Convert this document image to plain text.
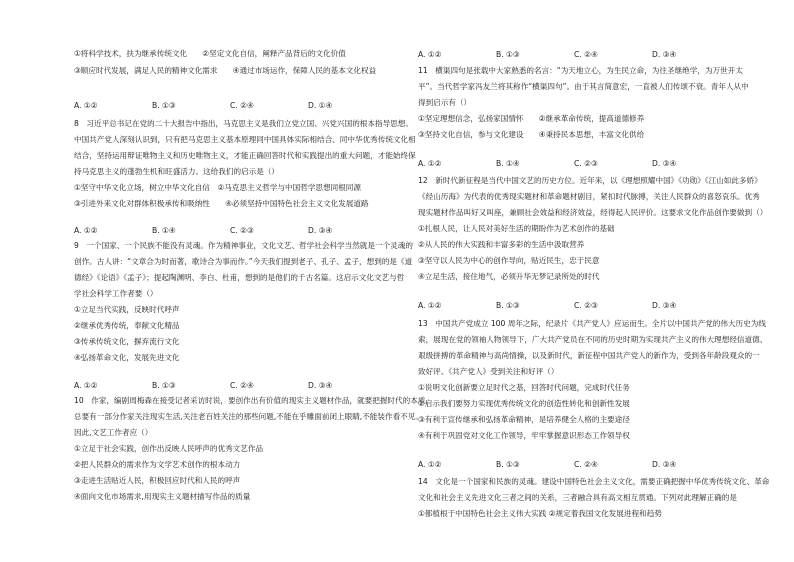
①将科学技术，扶为继承传统文化　　②坚定文化自信，阐释产品背后的文化价值
③顺应时代发展，满足人民的精神文化需求　　④通过市场运作，保障人民的基本文化权益
A. ①②	B. ①③	C. ②④	D. ①④
8　习近平总书记在党的二十大报告中指出，马克思主义是我们立党立国、兴党兴国的根本指导思想。
中国共产党人深刻认识到，只有把马克思主义基本原理同中国具体实际相结合、同中华优秀传统文化相
结合，坚持运用辩证唯物主义和历史唯物主义，才能正确回答时代和实践提出的重大问题，才能始终保
持马克思主义的蓬勃生机和旺盛活力。这给我们的启示是（）
①坚守中华文化立场，树立中华文化自信　②马克思主义哲学与中国哲学思想同根同源
③引进外来文化对群体积极承传和吸纳性　　④必须坚持中国特色社会主义文化发展道路
A. ①②	B. ①④	C. ②③	D. ③④
9　一个国家、一个民族不能没有灵魂。作为精神事业，文化文艺、哲学社会科学当然就是一个灵魂的
创作。古人讲：“文章合为时而著，歌诗合为事而作。”今天我们提到老子、孔子、孟子，想到的是《道
德经》《论语》《孟子》；提起陶渊明、李白、杜甫，想到的是他们的千古名篇。这启示文化文艺与哲
学社会科学工作者要（）
①立足当代实践，反映时代呼声
②继承优秀传统，奉献文化精品
③传承传统文化，摒弃流行文化
④弘扬革命文化，发展先进文化
A. ①②	B. ①③	C. ②④	D. ③④
10　作家，编剧周梅森在接受记者采访时说，要创作出有价值的现实主义题材作品，就要把握时代的本质。
总要有一部分作家关注现实生活,关注老百姓关注的那些问题,不能在乎雕面前闭上眼睛,不能装作看不见。
因此,文艺工作者应（）
①立足于社会实践，创作出反映人民呼声的优秀文艺作品
②把人民群众的需求作为文学艺术创作的根本动力
③走进生活贴近人民，积极回应时代和人民的呼声
④面向文化市场需求,用现实主义题材描写作品的质量
A. ①②	B. ①③	C. ②④	D. ③④
11　横渠四句是张载中大家熟悉的名言：“为天地立心，为生民立命，为往圣继绝学，为万世开太
平”。当代哲学家冯友兰将其称作“横渠四句”。由于其言简意宏，一直被人们传颂不衰。青年人从中
得到启示有（）
①坚定理想信念，弘扬家国情怀　　②继承革命传统，提高道德修养
③坚持文化自信，参与文化建设　　④秉持民本思想，丰富文化供给
A. ①②	B. ①④	C. ②③	D. ③④
12　新时代新征程是当代中国文艺的历史方位。近年来，以《理想照耀中国》《功勋》《江山如此多娇》
《经山历海》为代表的优秀现实题材和革命题材剧目，紧扣时代脉搏，关注人民群众的喜怒哀乐。优秀
现实题材作品叫好又叫座，兼顾社会效益和经济效益，经得起人民评价。这要求文化作品创作要做到（）
①扎根人民，让人民对美好生活的期盼作为艺术创作的基础
②从人民的伟大实践和丰富多彩的生活中汲取营养
③坚守以人民为中心的创作导向，贴近民生，忠于民意
④立足生活，接住地气，必须升华无梦记录所处的时代
A. ①②	B. ①③	C. ②③	D. ③④
13　中国共产党成立 100 周年之际，纪录片《共产党人》应运而生。全片以中国共产党的伟大历史为线
索，展现在党的领袖人物领导下，广大共产党员在不同的历史时期为实现共产主义的伟大理想经信道德、
艰级拼搏的革命精神与高尚情操，以及新时代，新征程中国共产党人的新作为，受到各年龄段观众的一
致好评。《共产党人》受到关注和好评（）
①说明文化创新要立足时代之基，回答时代问题，完成时代任务
②启示我们要努力实现优秀传统文化的创造性转化和创新性发展
③有利于宣传继承和弘扬革命精神，是培养健全人格的主要途径
④有利于巩固党对文化工作领导，牢牢掌握意识形态工作领导权
A. ①②	B. ①③	C. ②④	D. ③④
14　文化是一个国家和民族的灵魂。建设中国特色社会主义文化，需要正确把握中华优秀传统文化、革命
文化和社会主义先进文化三者之间的关系，三者融合具有高文相互贯通。下列对此理解正确的是
①都植根于中国特色社会主义伟大实践 ②规定着我国文化发展进程和趋势
